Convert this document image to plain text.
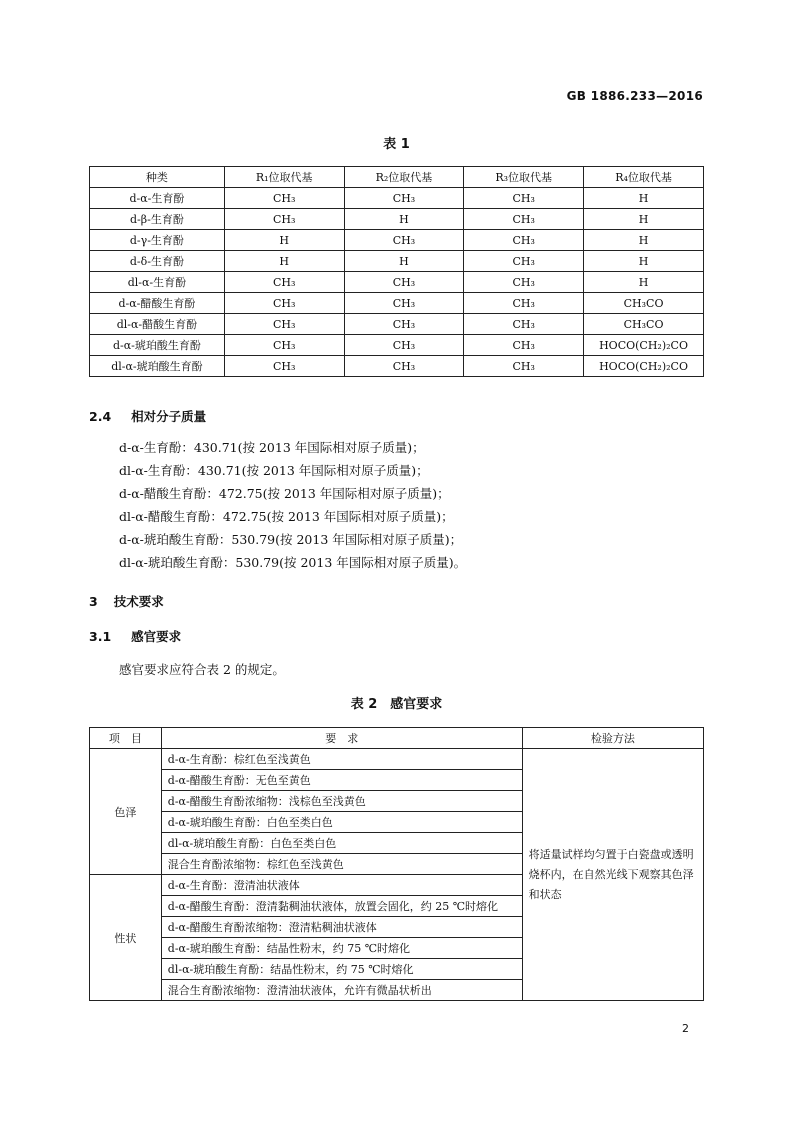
GB 1886.233—2016
表 1
种类	R₁位取代基	R₂位取代基	R₃位取代基	R₄位取代基
d-α-生育酚	CH₃	CH₃	CH₃	H
d-β-生育酚	CH₃	H	CH₃	H
d-γ-生育酚	H	CH₃	CH₃	H
d-δ-生育酚	H	H	CH₃	H
dl-α-生育酚	CH₃	CH₃	CH₃	H
d-α-醋酸生育酚	CH₃	CH₃	CH₃	CH₃CO
dl-α-醋酸生育酚	CH₃	CH₃	CH₃	CH₃CO
d-α-琥珀酸生育酚	CH₃	CH₃	CH₃	HOCO(CH₂)₂CO
dl-α-琥珀酸生育酚	CH₃	CH₃	CH₃	HOCO(CH₂)₂CO
2.4 相对分子质量
d-α-生育酚：430.71(按 2013 年国际相对原子质量)；
dl-α-生育酚：430.71(按 2013 年国际相对原子质量)；
d-α-醋酸生育酚：472.75(按 2013 年国际相对原子质量)；
dl-α-醋酸生育酚：472.75(按 2013 年国际相对原子质量)；
d-α-琥珀酸生育酚：530.79(按 2013 年国际相对原子质量)；
dl-α-琥珀酸生育酚：530.79(按 2013 年国际相对原子质量)。
3 技术要求
3.1 感官要求
感官要求应符合表 2 的规定。
表 2　感官要求
项　目	要　求	检验方法
色泽	d-α-生育酚：棕红色至浅黄色	将适量试样均匀置于白瓷盘或透明烧杯内，在自然光线下观察其色泽和状态
	d-α-醋酸生育酚：无色至黄色	
	d-α-醋酸生育酚浓缩物：浅棕色至浅黄色	
	d-α-琥珀酸生育酚：白色至类白色	
	dl-α-琥珀酸生育酚：白色至类白色	
	混合生育酚浓缩物：棕红色至浅黄色	
性状	d-α-生育酚：澄清油状液体	
	d-α-醋酸生育酚：澄清黏稠油状液体，放置会固化，约 25 ℃时熔化	
	d-α-醋酸生育酚浓缩物：澄清粘稠油状液体	
	d-α-琥珀酸生育酚：结晶性粉末，约 75 ℃时熔化	
	dl-α-琥珀酸生育酚：结晶性粉末，约 75 ℃时熔化	
	混合生育酚浓缩物：澄清油状液体，允许有微晶状析出	
2
